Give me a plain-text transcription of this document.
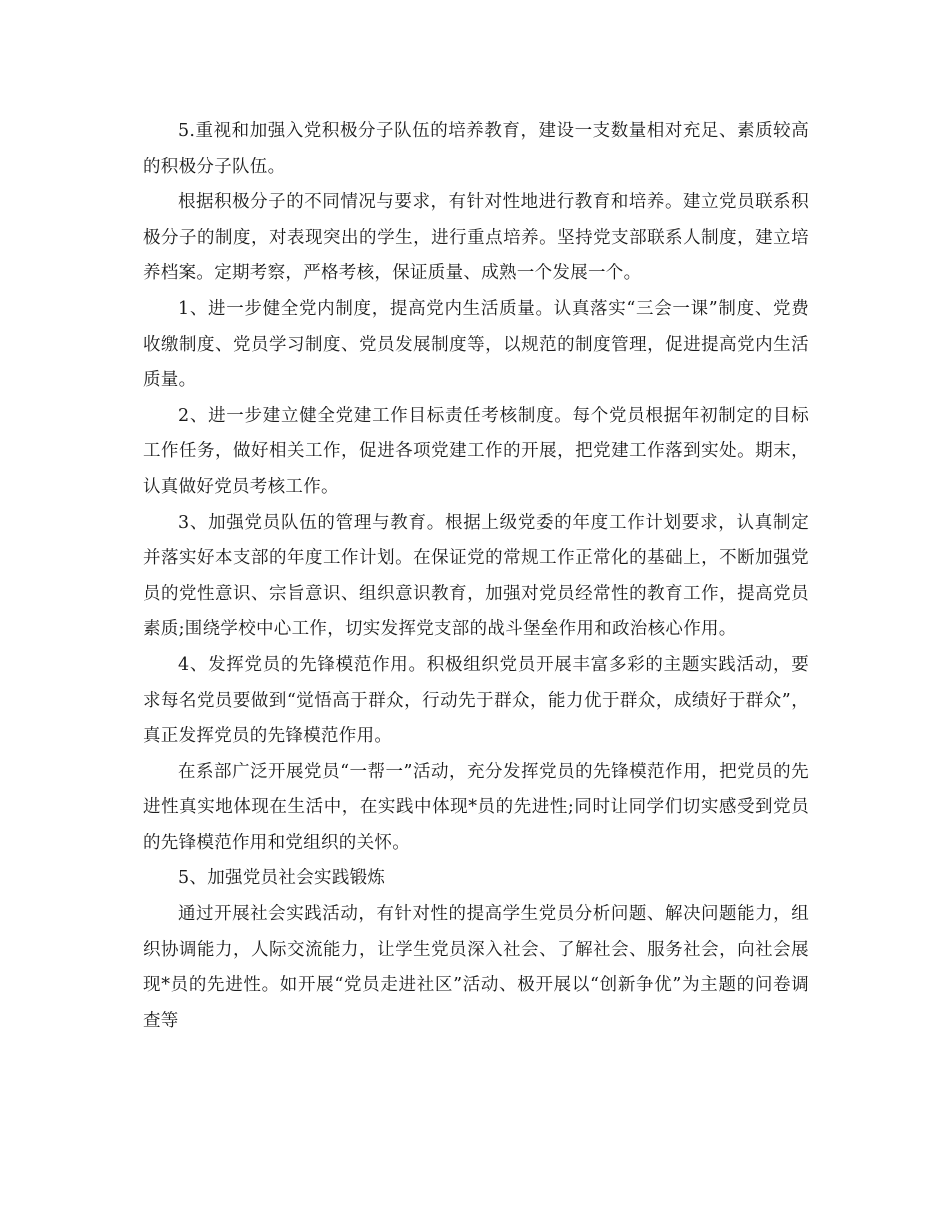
5.重视和加强入党积极分子队伍的培养教育，建设一支数量相对充足、素质较高的积极分子队伍。

根据积极分子的不同情况与要求，有针对性地进行教育和培养。建立党员联系积极分子的制度，对表现突出的学生，进行重点培养。坚持党支部联系人制度，建立培养档案。定期考察，严格考核，保证质量、成熟一个发展一个。

1、进一步健全党内制度，提高党内生活质量。认真落实“三会一课”制度、党费收缴制度、党员学习制度、党员发展制度等，以规范的制度管理，促进提高党内生活质量。

2、进一步建立健全党建工作目标责任考核制度。每个党员根据年初制定的目标工作任务，做好相关工作，促进各项党建工作的开展，把党建工作落到实处。期末，认真做好党员考核工作。

3、加强党员队伍的管理与教育。根据上级党委的年度工作计划要求，认真制定并落实好本支部的年度工作计划。在保证党的常规工作正常化的基础上，不断加强党员的党性意识、宗旨意识、组织意识教育，加强对党员经常性的教育工作，提高党员素质;围绕学校中心工作，切实发挥党支部的战斗堡垒作用和政治核心作用。

4、发挥党员的先锋模范作用。积极组织党员开展丰富多彩的主题实践活动，要求每名党员要做到“觉悟高于群众，行动先于群众，能力优于群众，成绩好于群众”，真正发挥党员的先锋模范作用。

在系部广泛开展党员“一帮一”活动，充分发挥党员的先锋模范作用，把党员的先进性真实地体现在生活中，在实践中体现*员的先进性;同时让同学们切实感受到党员的先锋模范作用和党组织的关怀。

5、加强党员社会实践锻炼

通过开展社会实践活动，有针对性的提高学生党员分析问题、解决问题能力，组织协调能力，人际交流能力，让学生党员深入社会、了解社会、服务社会，向社会展现*员的先进性。如开展“党员走进社区”活动、极开展以“创新争优”为主题的问卷调查等
